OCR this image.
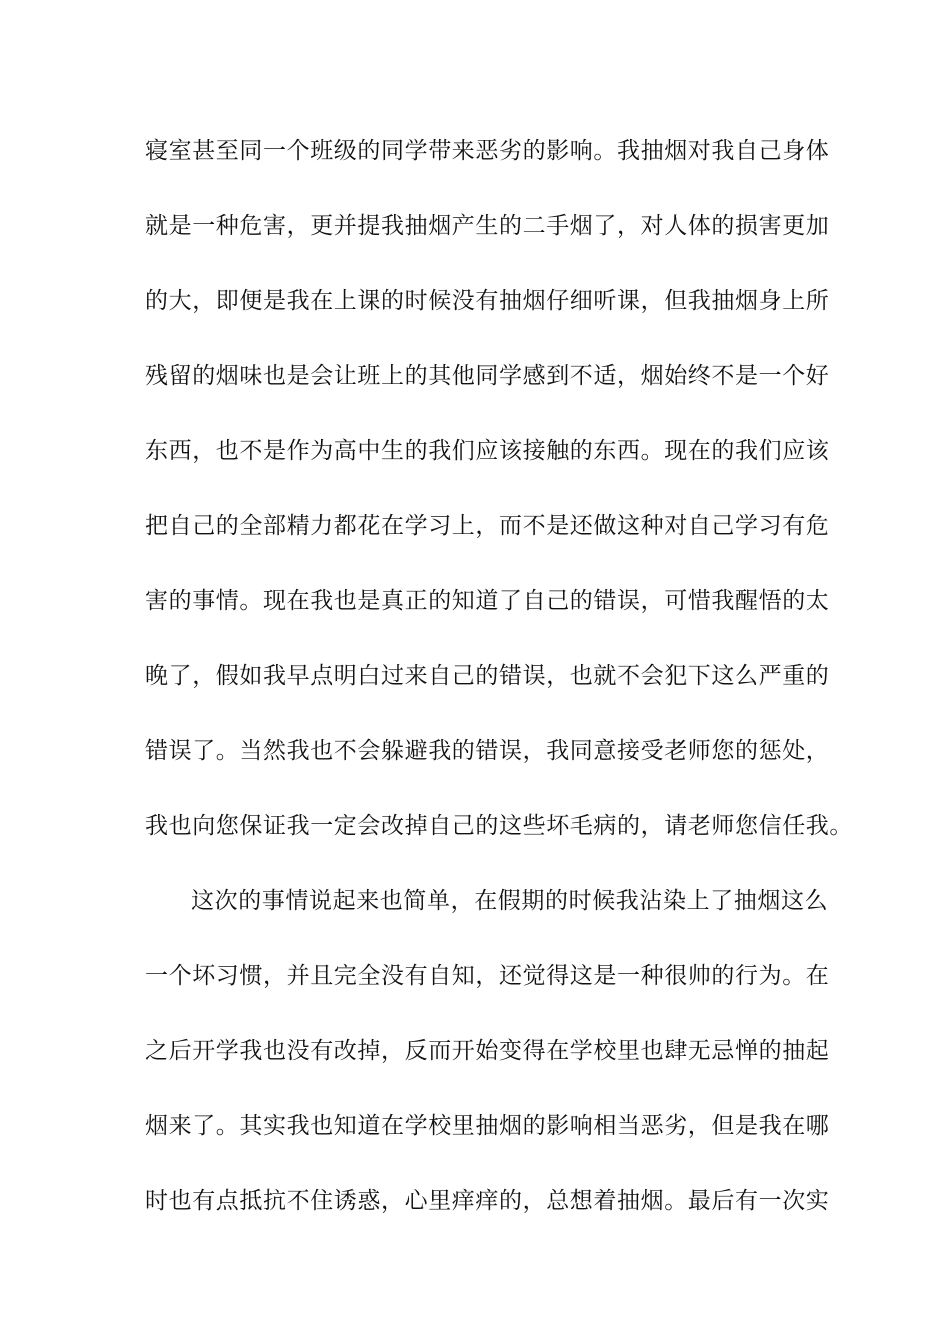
寝室甚至同一个班级的同学带来恶劣的影响。我抽烟对我自己身体
就是一种危害，更并提我抽烟产生的二手烟了，对人体的损害更加
的大，即便是我在上课的时候没有抽烟仔细听课，但我抽烟身上所
残留的烟味也是会让班上的其他同学感到不适，烟始终不是一个好
东西，也不是作为高中生的我们应该接触的东西。现在的我们应该
把自己的全部精力都花在学习上，而不是还做这种对自己学习有危
害的事情。现在我也是真正的知道了自己的错误，可惜我醒悟的太
晚了，假如我早点明白过来自己的错误，也就不会犯下这么严重的
错误了。当然我也不会躲避我的错误，我同意接受老师您的惩处，
我也向您保证我一定会改掉自己的这些坏毛病的，请老师您信任我。
这次的事情说起来也简单，在假期的时候我沾染上了抽烟这么
一个坏习惯，并且完全没有自知，还觉得这是一种很帅的行为。在
之后开学我也没有改掉，反而开始变得在学校里也肆无忌惮的抽起
烟来了。其实我也知道在学校里抽烟的影响相当恶劣，但是我在哪
时也有点抵抗不住诱惑，心里痒痒的，总想着抽烟。最后有一次实
